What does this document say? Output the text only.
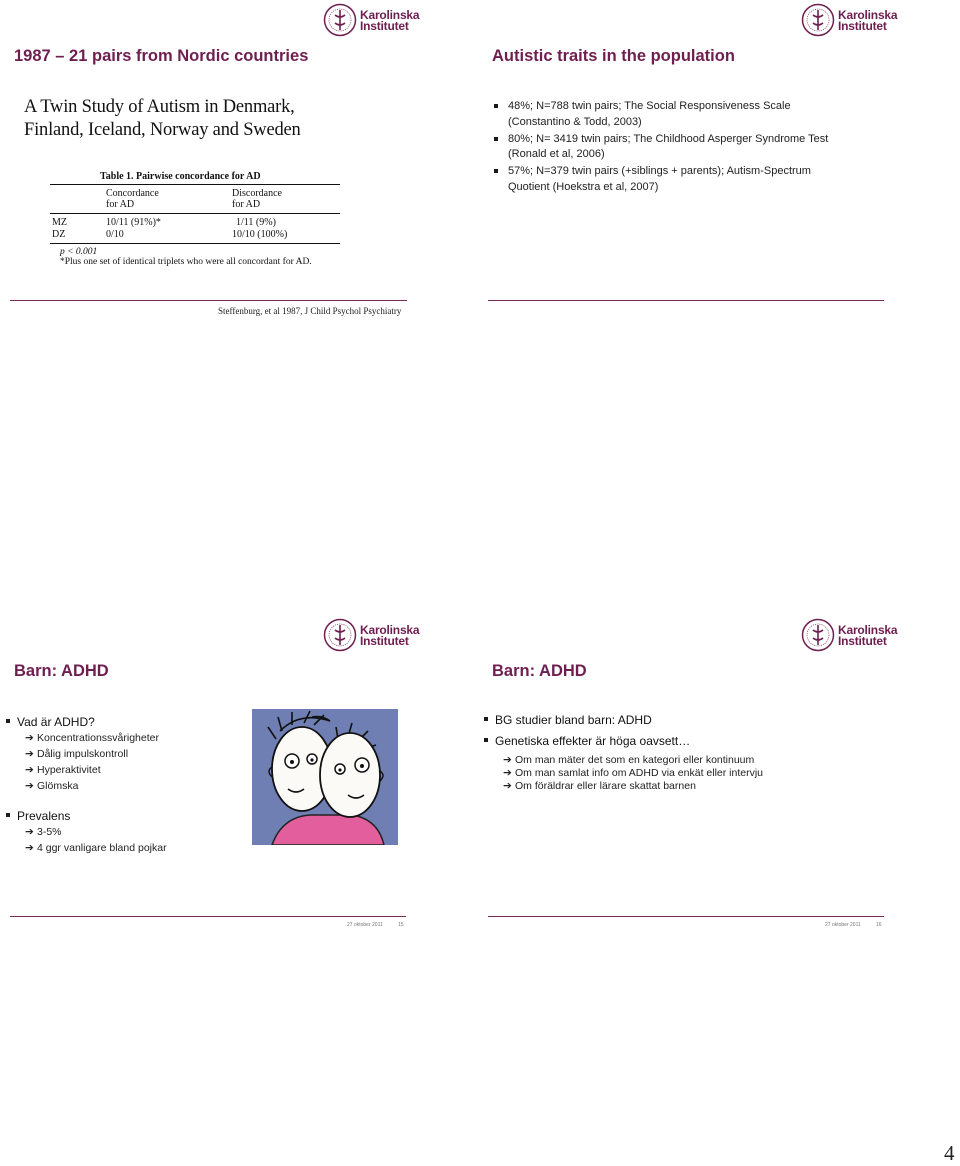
Karolinska
Institutet
1987 – 21 pairs from Nordic countries
A Twin Study of Autism in Denmark,
Finland, Iceland, Norway and Sweden
Table 1. Pairwise concordance for AD
Concordance
for AD
Discordance
for AD
MZ	10/11 (91%)*	1/11 (9%)
DZ	0/10	10/10 (100%)
p < 0.001
*Plus one set of identical triplets who were all concordant for AD.
Steffenburg, et al 1987, J Child Psychol Psychiatry
Karolinska
Institutet
Autistic traits in the population
48%; N=788 twin pairs; The Social Responsiveness Scale (Constantino & Todd, 2003)
80%; N= 3419 twin pairs; The Childhood Asperger Syndrome Test (Ronald et al, 2006)
57%; N=379 twin pairs (+siblings + parents); Autism-Spectrum Quotient (Hoekstra et al, 2007)
Karolinska
Institutet
Barn: ADHD
Vad är ADHD?
➔ Koncentrationssvårigheter
➔ Dålig impulskontroll
➔ Hyperaktivitet
➔ Glömska
Prevalens
➔ 3-5%
➔ 4 ggr vanligare bland pojkar
27 oktober 2011	15
Karolinska
Institutet
Barn: ADHD
BG studier bland barn: ADHD
Genetiska effekter är höga oavsett…
➔ Om man mäter det som en kategori eller kontinuum
➔ Om man samlat info om ADHD via enkät eller intervju
➔ Om föräldrar eller lärare skattat barnen
27 oktober 2011	16
4
